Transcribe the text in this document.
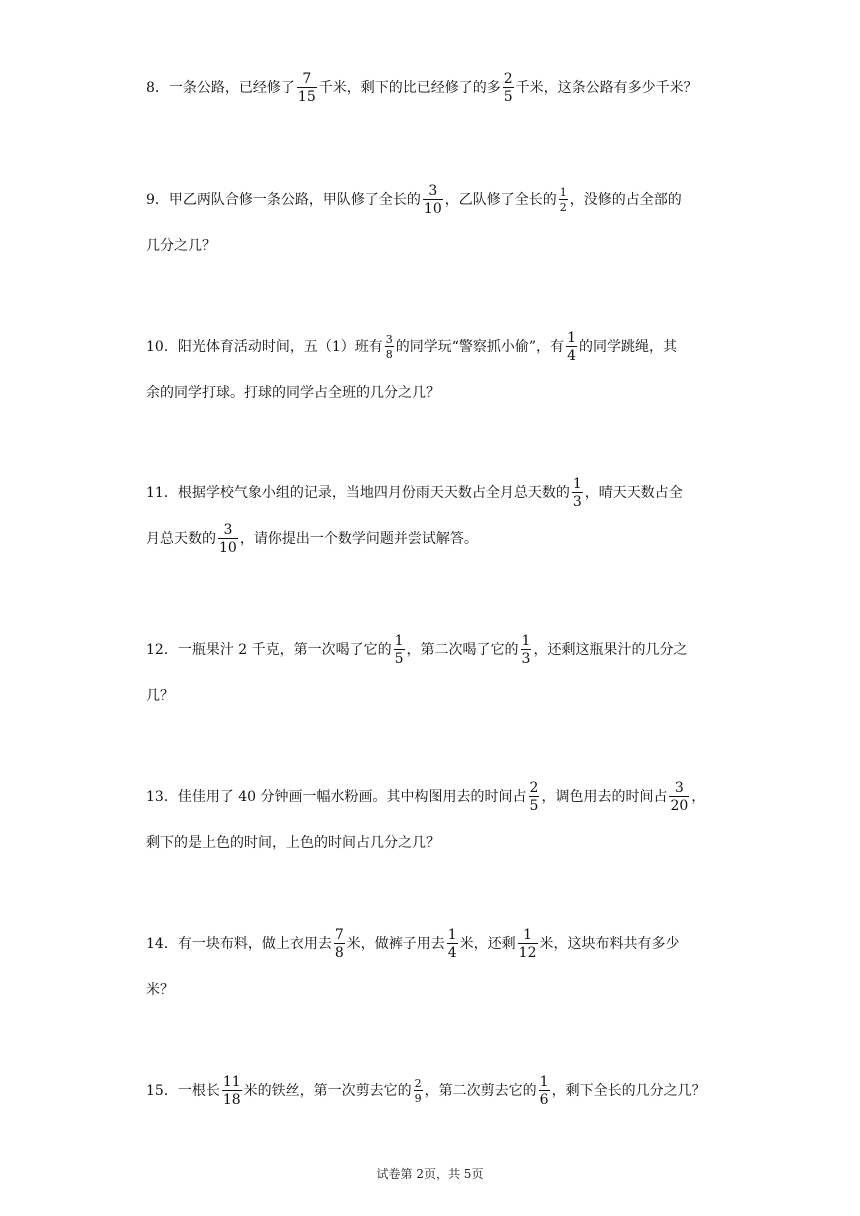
8．一条公路，已经修了 $\frac{7}{15}$ 千米，剩下的比已经修了的多 $\frac{2}{5}$ 千米，这条公路有多少千米？
9．甲乙两队合修一条公路，甲队修了全长的 $\frac{3}{10}$ ，乙队修了全长的 $\frac{1}{2}$ ，没修的占全部的
几分之几？
10．阳光体育活动时间，五（1）班有 $\frac{3}{8}$ 的同学玩“警察抓小偷”，有 $\frac{1}{4}$ 的同学跳绳，其
余的同学打球。打球的同学占全班的几分之几？
11．根据学校气象小组的记录，当地四月份雨天天数占全月总天数的 $\frac{1}{3}$ ，晴天天数占全
月总天数的 $\frac{3}{10}$ ，请你提出一个数学问题并尝试解答。
12．一瓶果汁 2 千克，第一次喝了它的 $\frac{1}{5}$ ，第二次喝了它的 $\frac{1}{3}$ ，还剩这瓶果汁的几分之
几？
13．佳佳用了 40 分钟画一幅水粉画。其中构图用去的时间占 $\frac{2}{5}$ ，调色用去的时间占 $\frac{3}{20}$ ，
剩下的是上色的时间，上色的时间占几分之几？
14．有一块布料，做上衣用去 $\frac{7}{8}$ 米，做裤子用去 $\frac{1}{4}$ 米，还剩 $\frac{1}{12}$ 米，这块布料共有多少
米？
15．一根长 $\frac{11}{18}$ 米的铁丝，第一次剪去它的 $\frac{2}{9}$ ，第二次剪去它的 $\frac{1}{6}$ ，剩下全长的几分之几？
试卷第 2页，共 5页
